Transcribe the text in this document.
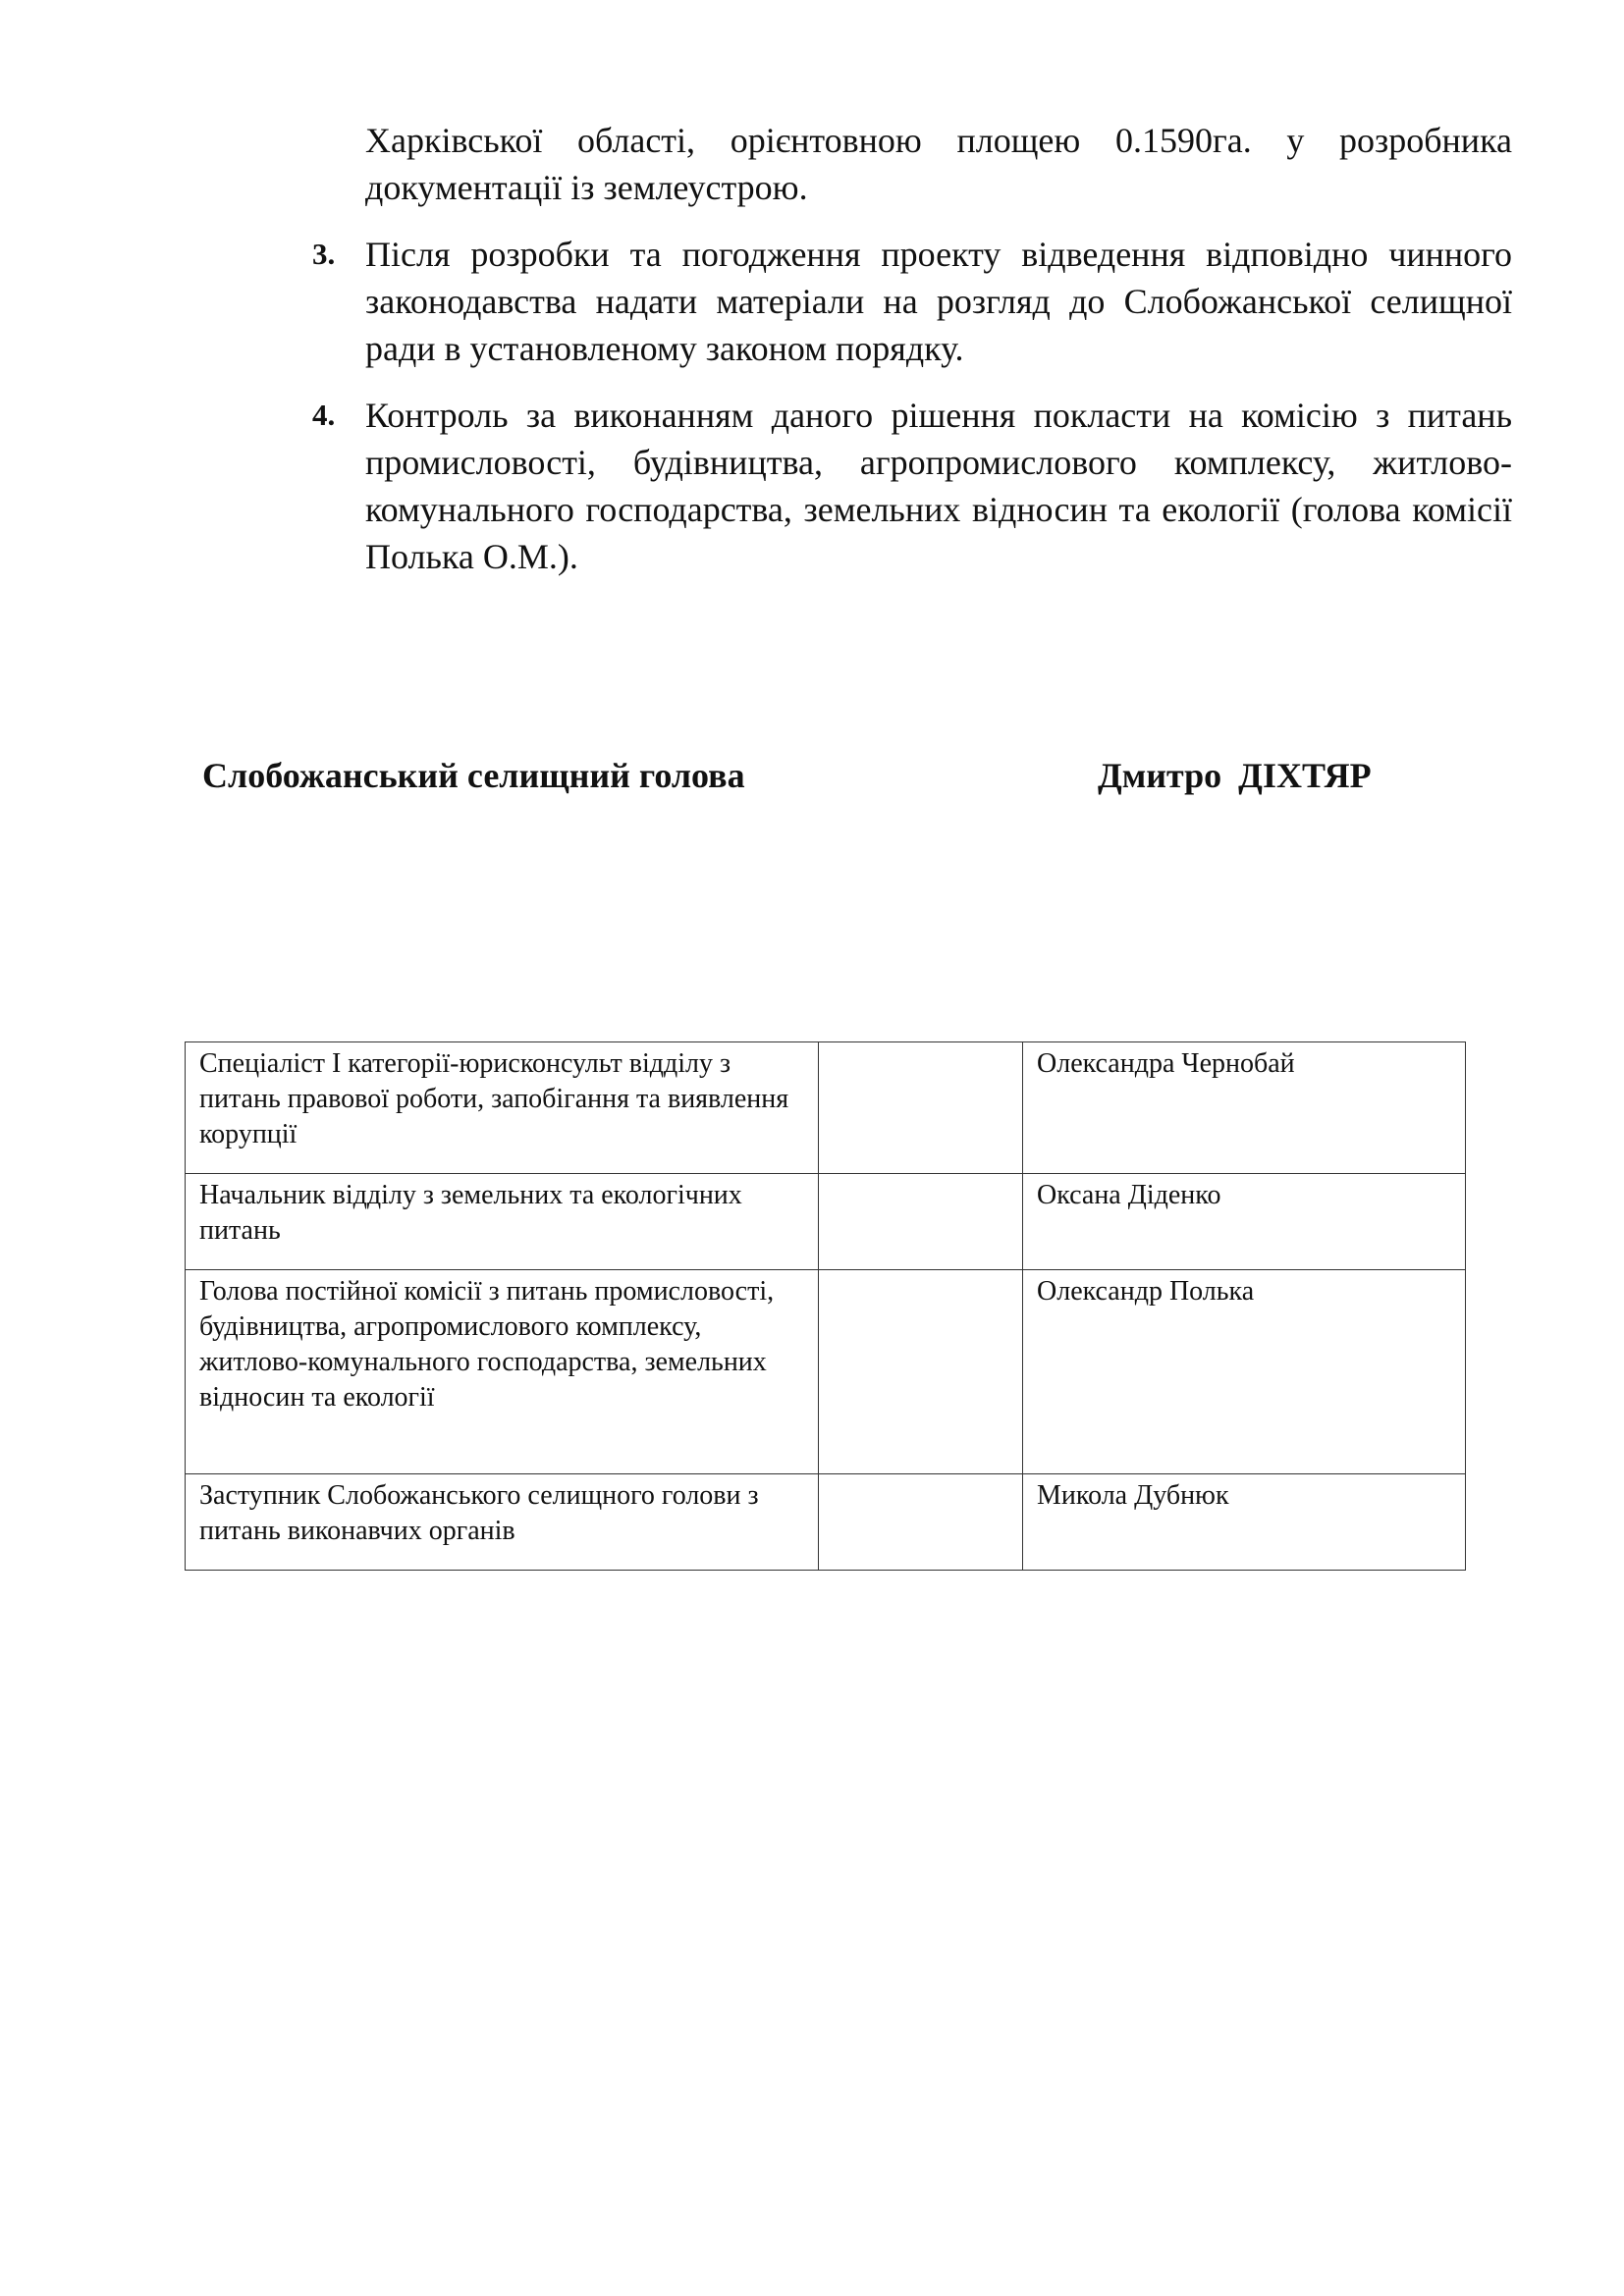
Харківської області, орієнтовною площею 0.1590га. у розробника документації із землеустрою.

3. Після розробки та погодження проекту відведення відповідно чинного законодавства надати матеріали на розгляд до Слобожанської селищної ради в установленому законом порядку.
4. Контроль за виконанням даного рішення покласти на комісію з питань промисловості, будівництва, агропромислового комплексу, житлово-комунального господарства, земельних відносин та екології (голова комісії Полька О.М.).
Слобожанський селищний голова	Дмитро ДІХТЯР
Спеціаліст І категорії-юрисконсульт відділу з питань правової роботи, запобігання та виявлення корупції		Олександра Чернобай
Начальник відділу з земельних та екологічних питань		Оксана Діденко
Голова постійної комісії з питань промисловості, будівництва, агропромислового комплексу, житлово-комунального господарства, земельних відносин та екології		Олександр Полька
Заступник Слобожанського селищного голови з питань виконавчих органів		Микола Дубнюк
